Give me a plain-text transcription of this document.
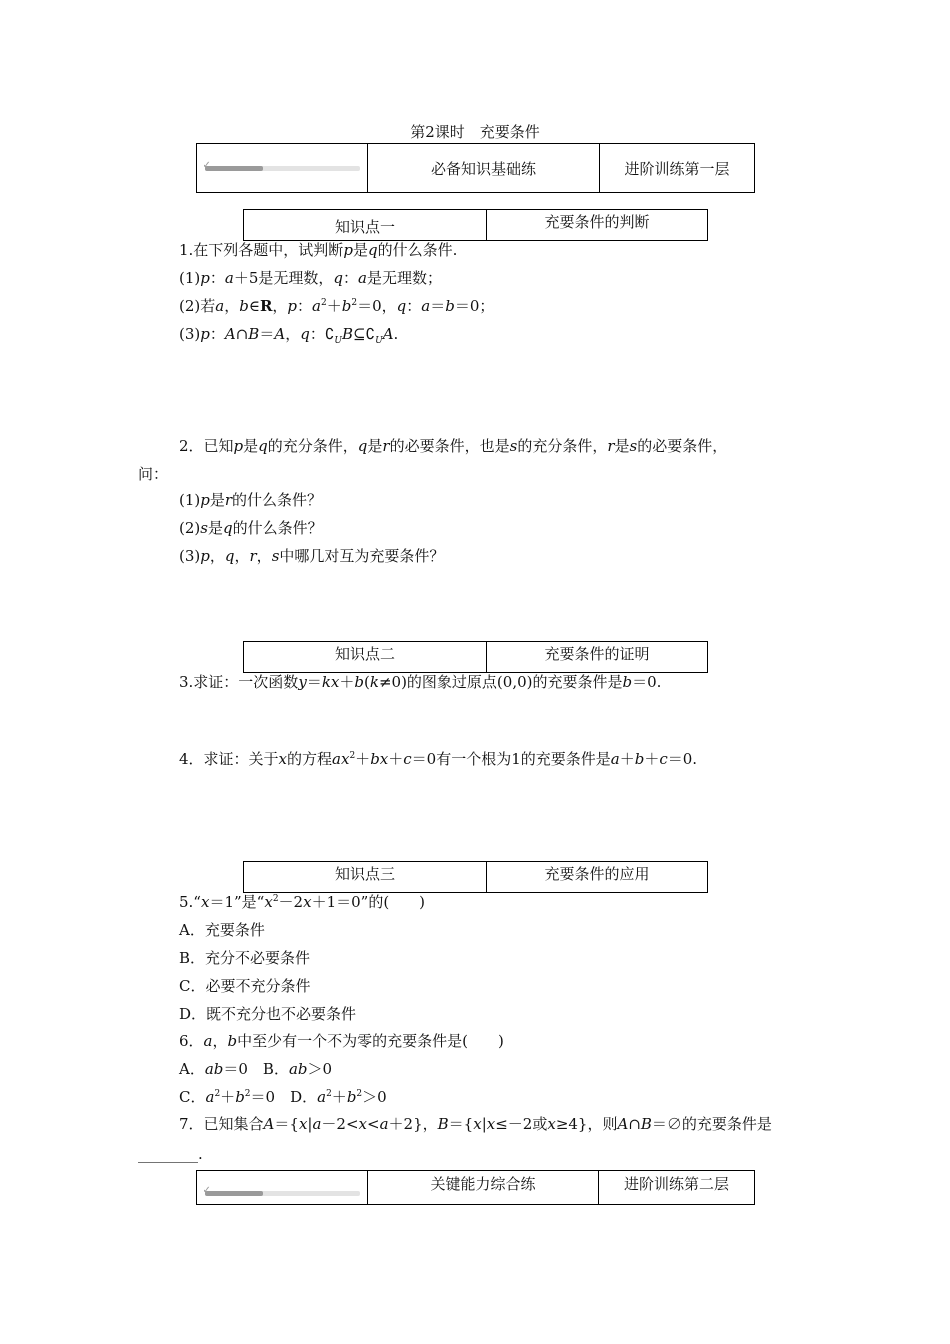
第2课时　充要条件
✓	必备知识基础练	进阶训练第一层
知识点一	充要条件的判断
1.在下列各题中，试判断p是q的什么条件.
(1)p：a＋5是无理数，q：a是无理数；
(2)若a，b∈R，p：$a^2+b^2=0$，q：a＝b＝0；
(3)p：A∩B＝A，q：$∁_UB⊆∁_UA$.
2．已知p是q的充分条件，q是r的必要条件，也是s的充分条件，r是s的必要条件，
问：
(1)p是r的什么条件？
(2)s是q的什么条件？
(3)p，q，r，s中哪几对互为充要条件？
知识点二	充要条件的证明
3.求证：一次函数y＝kx＋b(k≠0)的图象过原点(0,0)的充要条件是b＝0.
4．求证：关于x的方程$ax^2+bx+c=0$有一个根为1的充要条件是a＋b＋c＝0.
知识点三	充要条件的应用
5.“x＝1”是“$x^2-2x+1=0$”的(　　)
A．充要条件
B．充分不必要条件
C．必要不充分条件
D．既不充分也不必要条件
6．a，b中至少有一个不为零的充要条件是(　　)
A．ab＝0　B．ab＞0
C．$a^2+b^2=0$　D．$a^2+b^2>0$
7．已知集合A＝{x|a－2<x<a＋2}，B＝{x|x≤－2或x≥4}，则A∩B＝∅的充要条件是
________.
✓	关键能力综合练	进阶训练第二层
